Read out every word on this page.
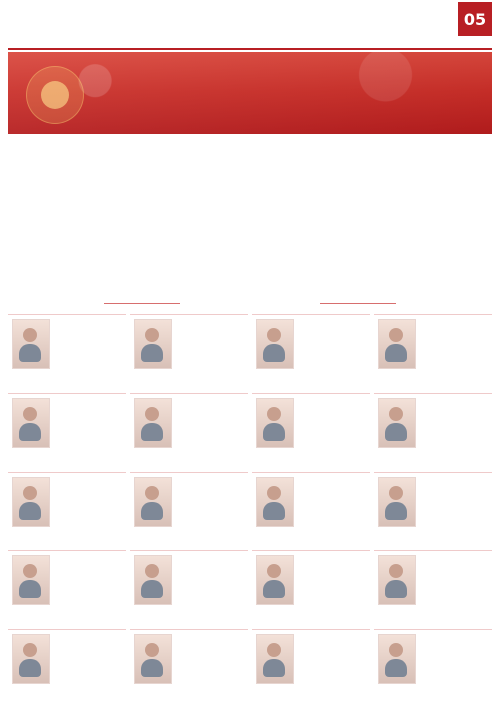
05
